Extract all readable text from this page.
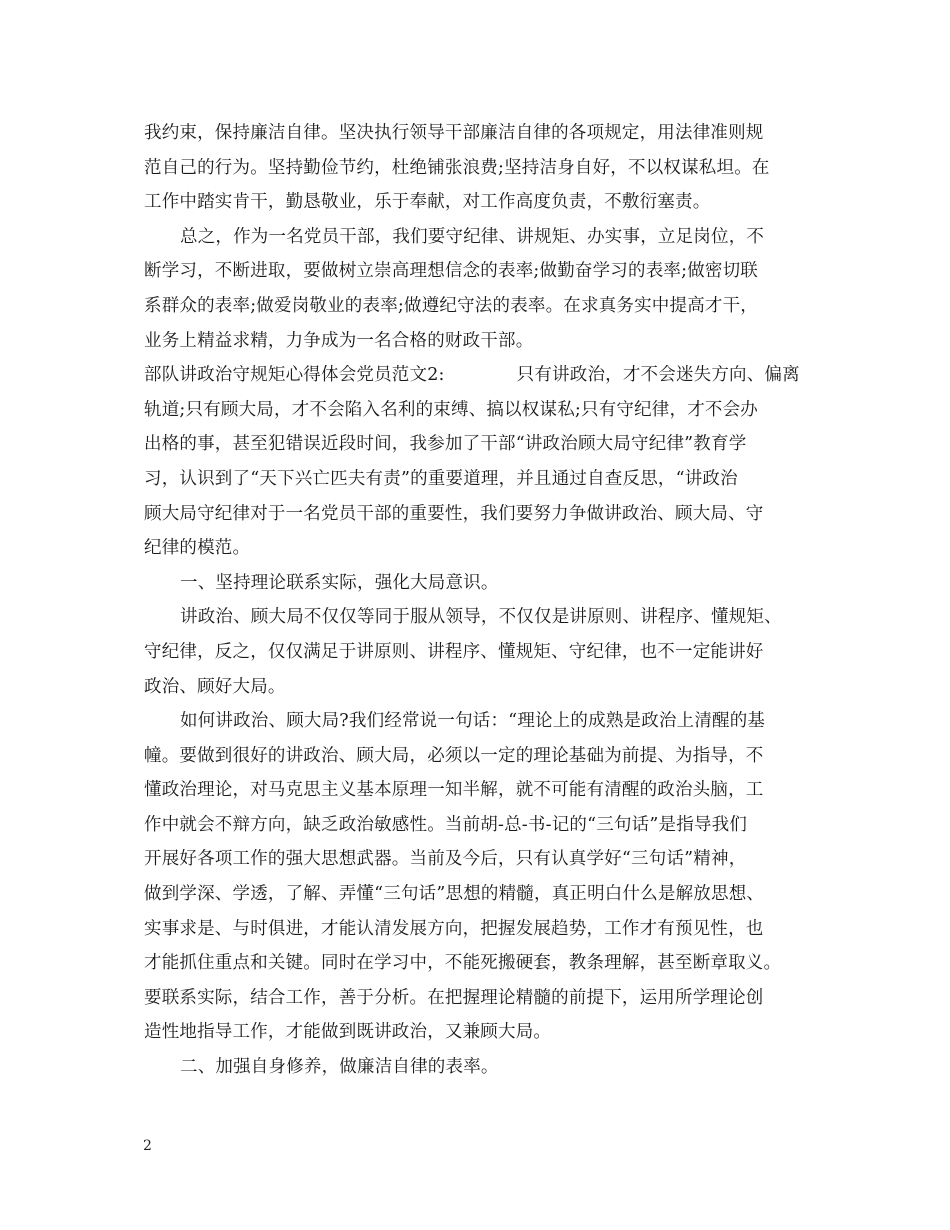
我约束，保持廉洁自律。坚决执行领导干部廉洁自律的各项规定，用法律准则规
范自己的行为。坚持勤俭节约，杜绝铺张浪费;坚持洁身自好，不以权谋私坦。在
工作中踏实肯干，勤恳敬业，乐于奉献，对工作高度负责，不敷衍塞责。
总之，作为一名党员干部，我们要守纪律、讲规矩、办实事，立足岗位，不
断学习，不断进取，要做树立崇高理想信念的表率;做勤奋学习的表率;做密切联
系群众的表率;做爱岗敬业的表率;做遵纪守法的表率。在求真务实中提高才干，
业务上精益求精，力争成为一名合格的财政干部。
部队讲政治守规矩心得体会党员范文2:	只有讲政治，才不会迷失方向、偏离
轨道;只有顾大局，才不会陷入名利的束缚、搞以权谋私;只有守纪律，才不会办
出格的事，甚至犯错误近段时间，我参加了干部“讲政治顾大局守纪律”教育学
习，认识到了“天下兴亡匹夫有责”的重要道理，并且通过自查反思，“讲政治
顾大局守纪律对于一名党员干部的重要性，我们要努力争做讲政治、顾大局、守
纪律的模范。
一、坚持理论联系实际，强化大局意识。
讲政治、顾大局不仅仅等同于服从领导，不仅仅是讲原则、讲程序、懂规矩、
守纪律，反之，仅仅满足于讲原则、讲程序、懂规矩、守纪律，也不一定能讲好
政治、顾好大局。
如何讲政治、顾大局?我们经常说一句话：“理论上的成熟是政治上清醒的基
幢。要做到很好的讲政治、顾大局，必须以一定的理论基础为前提、为指导，不
懂政治理论，对马克思主义基本原理一知半解，就不可能有清醒的政治头脑，工
作中就会不辩方向，缺乏政治敏感性。当前胡-总-书-记的“三句话”是指导我们
开展好各项工作的强大思想武器。当前及今后，只有认真学好“三句话”精神，
做到学深、学透，了解、弄懂“三句话”思想的精髓，真正明白什么是解放思想、
实事求是、与时俱进，才能认清发展方向，把握发展趋势，工作才有预见性，也
才能抓住重点和关键。同时在学习中，不能死搬硬套，教条理解，甚至断章取义。
要联系实际，结合工作，善于分析。在把握理论精髓的前提下，运用所学理论创
造性地指导工作，才能做到既讲政治，又兼顾大局。
二、加强自身修养，做廉洁自律的表率。
2
